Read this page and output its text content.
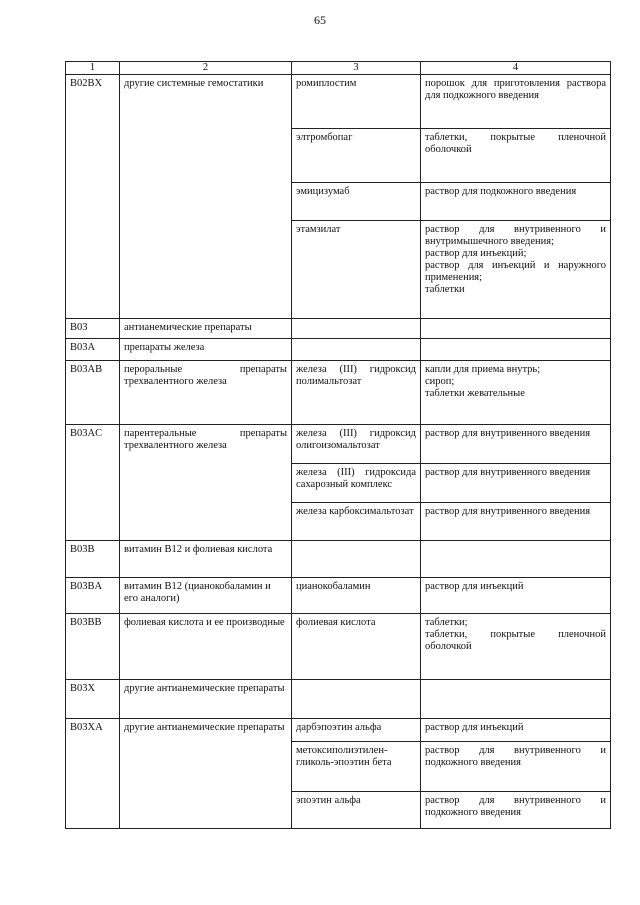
65
1	2	3	4
B02BX	другие системные гемостатики	ромиплостим	порошок для приготовления раствора для подкожного введения

		элтромбопаг	таблетки, покрытые пленочной оболочкой

		эмицизумаб	раствор для подкожного введения

		этамзилат	раствор для внутривенного и внутримышечного введения;
раствор для инъекций;
раствор для инъекций и наружного применения;
таблетки

B03	антианемические препараты		
B03A	препараты железа		
B03AB	пероральные препараты трехвалентного железа	железа (III) гидроксид полимальтозат	капли для приема внутрь;
сироп;
таблетки жевательные

B03AC	парентеральные препараты трехвалентного железа	железа (III) гидроксид олигоизомальтозат	раствор для внутривенного введения

		железа (III) гидроксида сахарозный комплекс	раствор для внутривенного введения

		железа карбоксимальтозат	раствор для внутривенного введения

B03B	витамин B12 и фолиевая кислота		
B03BA	витамин B12 (цианокобаламин и его аналоги)	цианокобаламин	раствор для инъекций

B03BB	фолиевая кислота и ее производные	фолиевая кислота	таблетки;
таблетки, покрытые пленочной оболочкой

B03X	другие антианемические препараты		
B03XA	другие антианемические препараты	дарбэпоэтин альфа	раствор для инъекций

		метоксиполиэтилен-гликоль-эпоэтин бета	раствор для внутривенного и подкожного введения

		эпоэтин альфа	раствор для внутривенного и подкожного введения
